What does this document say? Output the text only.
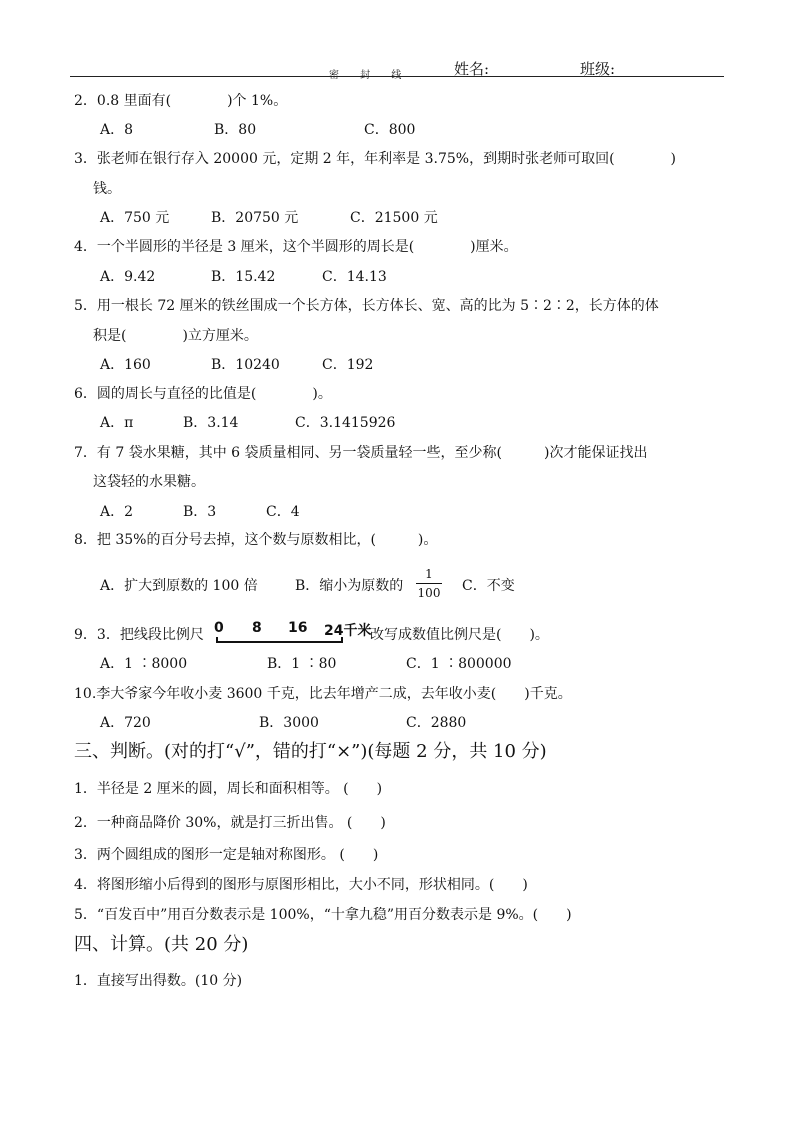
密 封 线	姓名:	班级:
2．0.8 里面有(　　　　)个 1%。
A．8	B．80	C．800
3．张老师在银行存入 20000 元，定期 2 年，年利率是 3.75%，到期时张老师可取回(　　　　)
钱。
A．750 元	B．20750 元	C．21500 元
4．一个半圆形的半径是 3 厘米，这个半圆形的周长是(　　　　)厘米。
A．9.42	B．15.42	C．14.13
5．用一根长 72 厘米的铁丝围成一个长方体，长方体长、宽、高的比为 5∶2∶2，长方体的体
积是(　　　　)立方厘米。
A．160	B．10240	C．192
6．圆的周长与直径的比值是(　　　　)。
A．π	B．3.14	C．3.1415926
7．有 7 袋水果糖，其中 6 袋质量相同、另一袋质量轻一些，至少称(　　　)次才能保证找出
这袋轻的水果糖。
A．2	B．3	C．4
8．把 35%的百分号去掉，这个数与原数相比，(　　　)。
A．扩大到原数的 100 倍	B．缩小为原数的 $\frac{1}{100}$ C．不变
9．3．把线段比例尺 0 8 16 24千米
改写成数值比例尺是(　　)。
A．1 ∶8000	B．1 ∶80	C．1 ∶800000
10.李大爷家今年收小麦 3600 千克，比去年增产二成，去年收小麦(　　)千克。
A．720	B．3000	C．2880
三、判断。(对的打“√”，错的打“×”)(每题 2 分，共 10 分)
1．半径是 2 厘米的圆，周长和面积相等。 (　　)
2．一种商品降价 30%，就是打三折出售。 (　　)
3．两个圆组成的图形一定是轴对称图形。 (　　)
4．将图形缩小后得到的图形与原图形相比，大小不同，形状相同。(　　)
5．“百发百中”用百分数表示是 100%，“十拿九稳”用百分数表示是 9%。(　　)
四、计算。(共 20 分)
1．直接写出得数。(10 分)
